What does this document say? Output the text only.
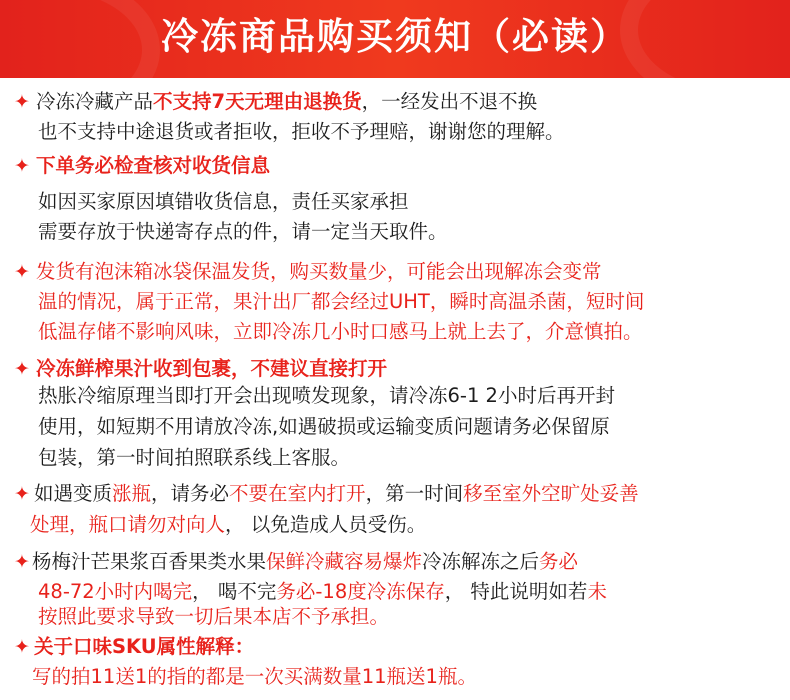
冷冻商品购买须知（必读）
✦ 冷冻冷藏产品不支持7天无理由退换货，一经发出不退不换
也不支持中途退货或者拒收，拒收不予理赔，谢谢您的理解。
✦ 下单务必检查核对收货信息
如因买家原因填错收货信息，责任买家承担
需要存放于快递寄存点的件，请一定当天取件。
✦ 发货有泡沫箱冰袋保温发货，购买数量少，可能会出现解冻会变常
温的情况，属于正常，果汁出厂都会经过UHT，瞬时高温杀菌，短时间
低温存储不影响风味，立即冷冻几小时口感马上就上去了，介意慎拍。
✦ 冷冻鲜榨果汁收到包裹，不建议直接打开
热胀冷缩原理当即打开会出现喷发现象，请冷冻6-1 2小时后再开封
使用，如短期不用请放冷冻,如遇破损或运输变质问题请务必保留原
包装，第一时间拍照联系线上客服。
✦ 如遇变质涨瓶，请务必不要在室内打开，第一时间移至室外空旷处妥善
处理，瓶口请勿对向人， 以免造成人员受伤。
✦ 杨梅汁芒果浆百香果类水果保鲜冷藏容易爆炸冷冻解冻之后务必
48-72小时内喝完， 喝不完务必-18度冷冻保存， 特此说明如若未
按照此要求导致一切后果本店不予承担。
✦ 关于口味SKU属性解释：
写的拍11送1的指的都是一次买满数量11瓶送1瓶。
